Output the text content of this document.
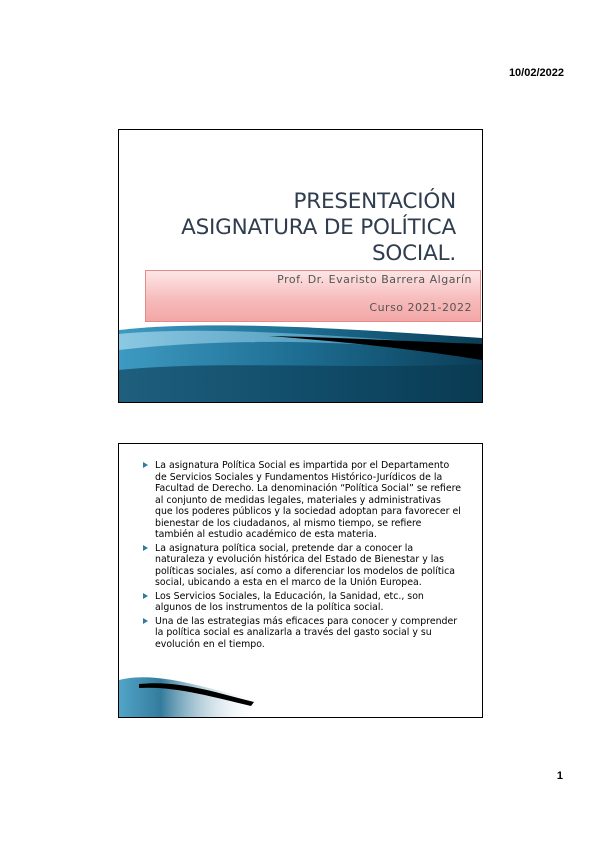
10/02/2022
PRESENTACIÓN
ASIGNATURA DE POLÍTICA
SOCIAL.
Prof. Dr. Evaristo Barrera Algarín
Curso 2021-2022
La asignatura Política Social es impartida por el Departamento de Servicios Sociales y Fundamentos Histórico-Jurídicos de la Facultad de Derecho. La denominación “Política Social” se refiere al conjunto de medidas legales, materiales y administrativas que los poderes públicos y la sociedad adoptan para favorecer el bienestar de los ciudadanos, al mismo tiempo, se refiere también al estudio académico de esta materia.
La asignatura política social, pretende dar a conocer la naturaleza y evolución histórica del Estado de Bienestar y las políticas sociales, así como a diferenciar los modelos de política social, ubicando a esta en el marco de la Unión Europea.
Los Servicios Sociales, la Educación, la Sanidad, etc., son algunos de los instrumentos de la política social.
Una de las estrategias más eficaces para conocer y comprender la política social es analizarla a través del gasto social y su evolución en el tiempo.
1
